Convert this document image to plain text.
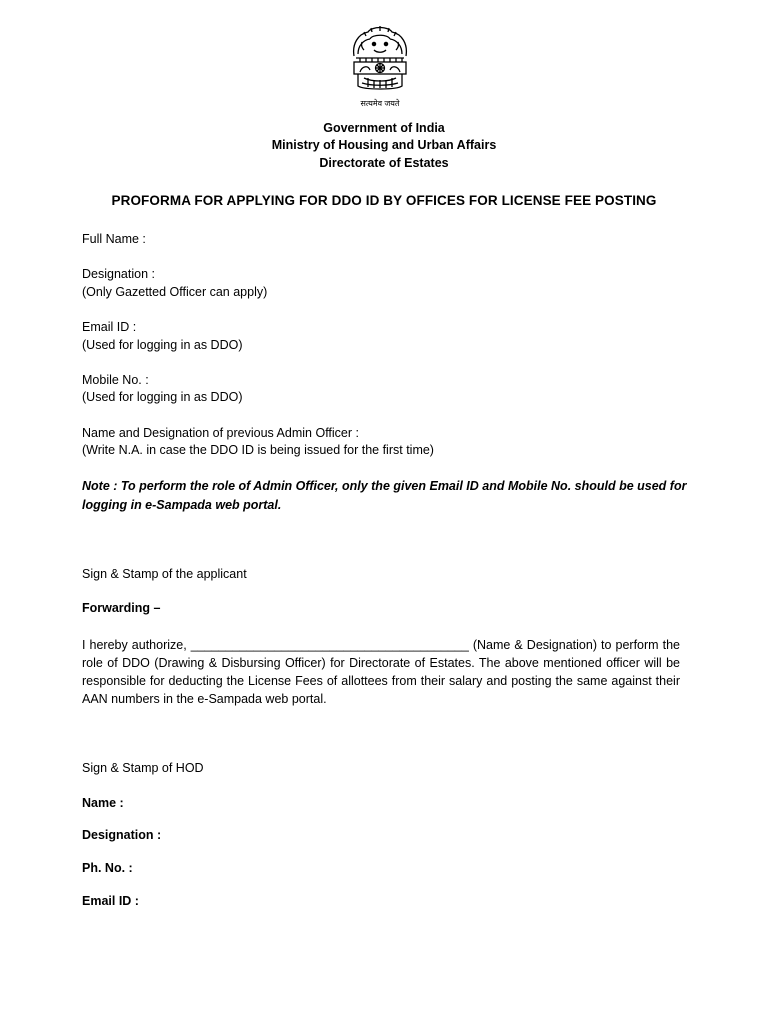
सत्यमेव जयते
Government of India
Ministry of Housing and Urban Affairs
Directorate of Estates
PROFORMA FOR APPLYING FOR DDO ID BY OFFICES FOR LICENSE FEE POSTING
Full Name :
Designation :
(Only Gazetted Officer can apply)
Email ID :
(Used for logging in as DDO)
Mobile No. :
(Used for logging in as DDO)
Name and Designation of previous Admin Officer :
(Write N.A. in case the DDO ID is being issued for the first time)
Note : To perform the role of Admin Officer, only the given Email ID and Mobile No. should be used for logging in e-Sampada web portal.
Sign & Stamp of the applicant
Forwarding –
I hereby authorize, ________________________________________ (Name & Designation) to perform the role of DDO (Drawing & Disbursing Officer) for Directorate of Estates. The above mentioned officer will be responsible for deducting the License Fees of allottees from their salary and posting the same against their AAN numbers in the e-Sampada web portal.
Sign & Stamp of HOD
Name :
Designation :
Ph. No. :
Email ID :
